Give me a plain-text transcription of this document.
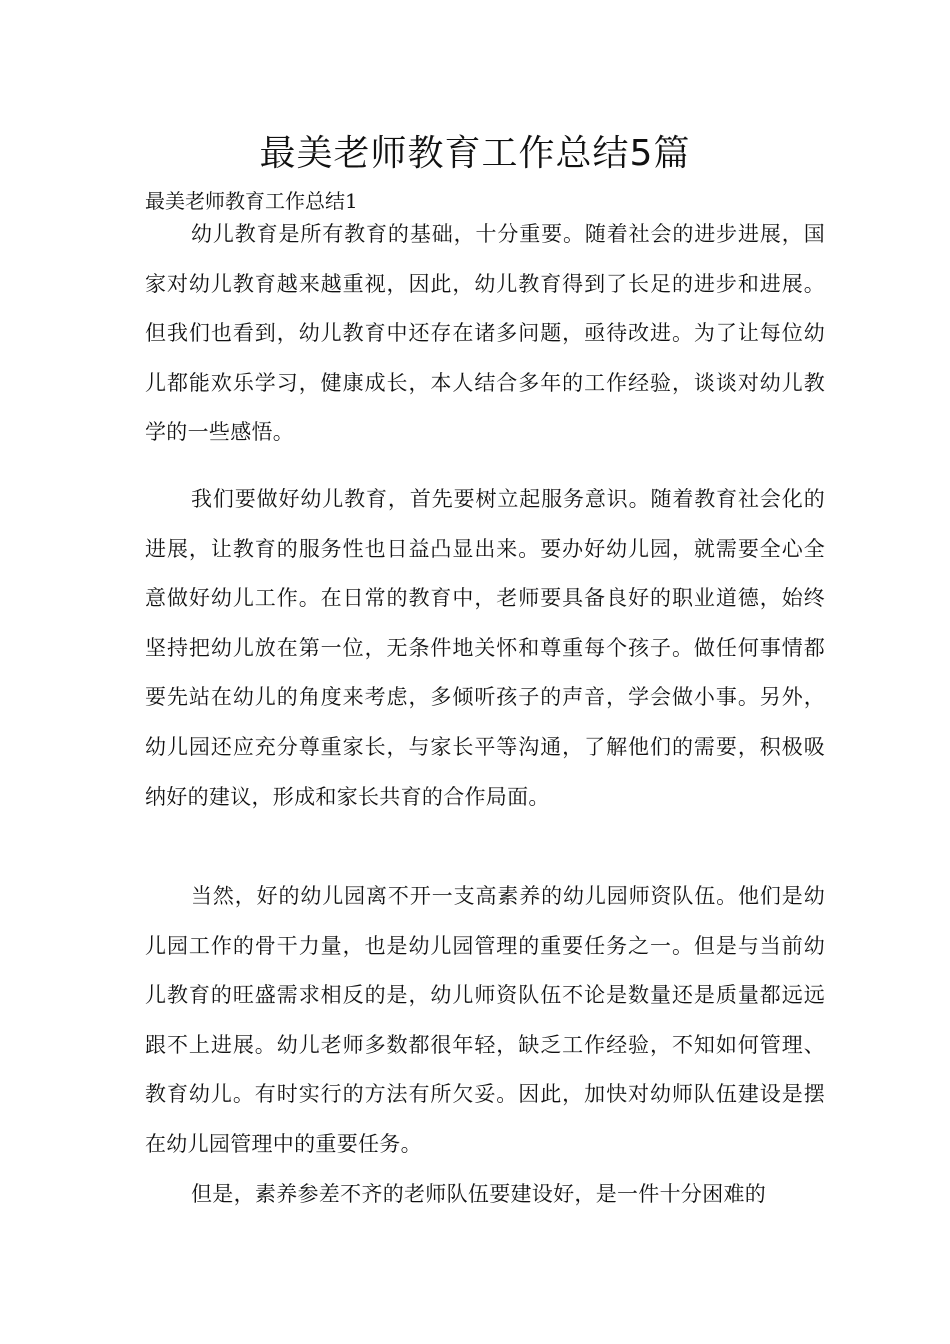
最美老师教育工作总结5篇
最美老师教育工作总结1

幼儿教育是所有教育的基础，十分重要。随着社会的进步进展，国家对幼儿教育越来越重视，因此，幼儿教育得到了长足的进步和进展。但我们也看到，幼儿教育中还存在诸多问题，亟待改进。为了让每位幼儿都能欢乐学习，健康成长，本人结合多年的工作经验，谈谈对幼儿教学的一些感悟。

我们要做好幼儿教育，首先要树立起服务意识。随着教育社会化的进展，让教育的服务性也日益凸显出来。要办好幼儿园，就需要全心全意做好幼儿工作。在日常的教育中，老师要具备良好的职业道德，始终坚持把幼儿放在第一位，无条件地关怀和尊重每个孩子。做任何事情都要先站在幼儿的角度来考虑，多倾听孩子的声音，学会做小事。另外，幼儿园还应充分尊重家长，与家长平等沟通，了解他们的需要，积极吸纳好的建议，形成和家长共育的合作局面。

当然，好的幼儿园离不开一支高素养的幼儿园师资队伍。他们是幼儿园工作的骨干力量，也是幼儿园管理的重要任务之一。但是与当前幼儿教育的旺盛需求相反的是，幼儿师资队伍不论是数量还是质量都远远跟不上进展。幼儿老师多数都很年轻，缺乏工作经验，不知如何管理、教育幼儿。有时实行的方法有所欠妥。因此，加快对幼师队伍建设是摆在幼儿园管理中的重要任务。

但是，素养参差不齐的老师队伍要建设好，是一件十分困难的
